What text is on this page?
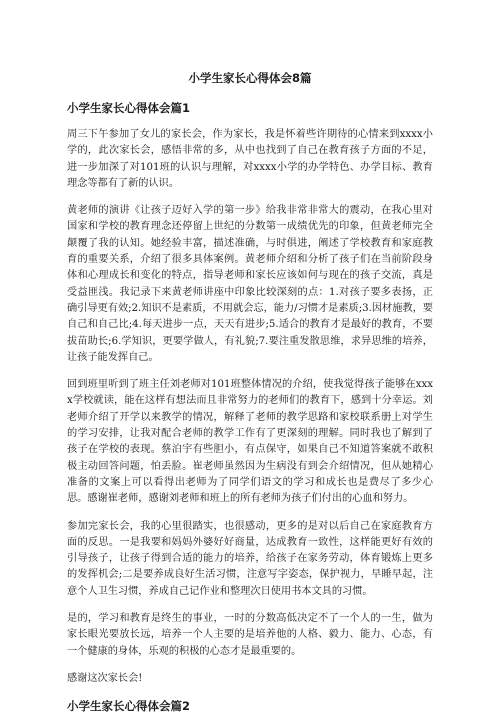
小学生家长心得体会8篇
小学生家长心得体会篇1

周三下午参加了女儿的家长会，作为家长，我是怀着些许期待的心情来到xxxx小学的，此次家长会，感悟非常的多，从中也找到了自己在教育孩子方面的不足，进一步加深了对101班的认识与理解，对xxxx小学的办学特色、办学目标、教育理念等都有了新的认识。

黄老师的演讲《让孩子迈好入学的第一步》给我非常非常大的震动，在我心里对国家和学校的教育理念还停留上世纪的分数第一成绩优先的印象，但黄老师完全颠覆了我的认知。她经验丰富，描述准确，与时俱进，阐述了学校教育和家庭教育的重要关系，介绍了很多具体案例。黄老师介绍和分析了孩子们在当前阶段身体和心理成长和变化的特点，指导老师和家长应该如何与现在的孩子交流，真是受益匪浅。我记录下来黄老师讲座中印象比较深刻的点：1.对孩子要多表扬，正确引导更有效;2.知识不是素质，不用就会忘，能力/习惯才是素质;3.因材施教，要自己和自己比;4.每天进步一点，天天有进步;5.适合的教育才是最好的教育，不要拔苗助长;6.学知识，更要学做人，有礼貌;7.要注重发散思维，求异思维的培养，让孩子能发挥自己。

回到班里听到了班主任刘老师对101班整体情况的介绍，使我觉得孩子能够在xxxx学校就读，能在这样有想法而且非常努力的老师们的教育下，感到十分幸运。刘老师介绍了开学以来教学的情况，解释了老师的教学思路和家校联系册上对学生的学习安排，让我对配合老师的教学工作有了更深刻的理解。同时我也了解到了孩子在学校的表现。蔡泊宇有些胆小，有点保守，如果自己不知道答案就不敢积极主动回答问题，怕丢脸。崔老师虽然因为生病没有到会介绍情况，但从她精心准备的文案上可以看得出老师为了同学们语文的学习和成长也是费尽了多少心思。感谢崔老师，感谢刘老师和班上的所有老师为孩子们付出的心血和努力。

参加完家长会，我的心里很踏实，也很感动，更多的是对以后自己在家庭教育方面的反思。一是我要和妈妈外婆好好商量，达成教育一致性，这样能更好有效的引导孩子，让孩子得到合适的能力的培养，给孩子在家务劳动，体育锻炼上更多的发挥机会;二是要养成良好生活习惯，注意写字姿态，保护视力，早睡早起，注意个人卫生习惯，养成自己记作业和整理次日使用书本文具的习惯。

是的，学习和教育是终生的事业，一时的分数高低决定不了一个人的一生，做为家长眼光要放长远，培养一个人主要的是培养他的人格、毅力、能力、心态，有一个健康的身体，乐观的积极的心态才是最重要的。

感谢这次家长会!

小学生家长心得体会篇2
